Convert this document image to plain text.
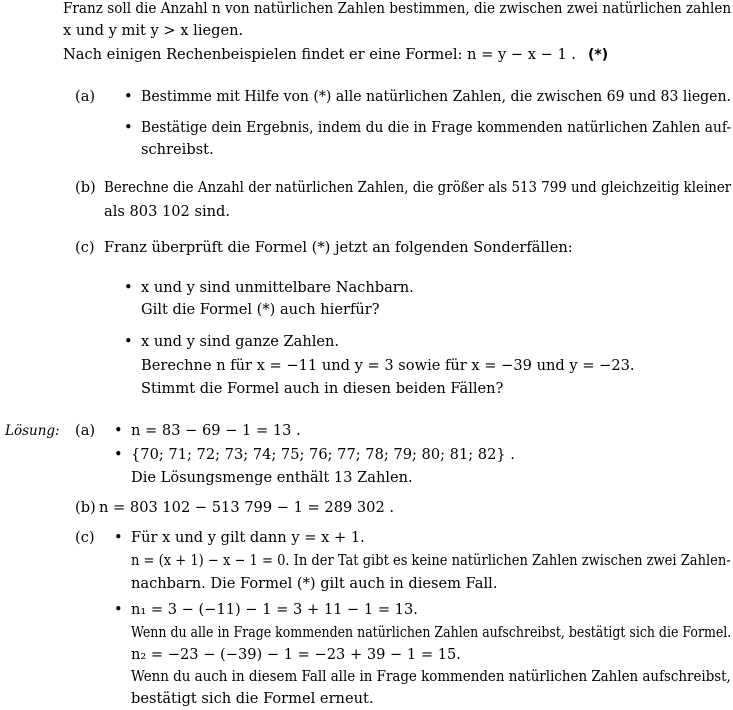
Franz soll die Anzahl n von natürlichen Zahlen bestimmen, die zwischen zwei natürlichen zahlen
x und y mit y > x liegen.
Nach einigen Rechenbeispielen findet er eine Formel: n = y − x − 1 . (*)
(a) • Bestimme mit Hilfe von (*) alle natürlichen Zahlen, die zwischen 69 und 83 liegen.
• Bestätige dein Ergebnis, indem du die in Frage kommenden natürlichen Zahlen auf-
schreibst.
(b) Berechne die Anzahl der natürlichen Zahlen, die größer als 513 799 und gleichzeitig kleiner
als 803 102 sind.
(c) Franz überprüft die Formel (*) jetzt an folgenden Sonderfällen:
• x und y sind unmittelbare Nachbarn.
Gilt die Formel (*) auch hierfür?
• x und y sind ganze Zahlen.
Berechne n für x = −11 und y = 3 sowie für x = −39 und y = −23.
Stimmt die Formel auch in diesen beiden Fällen?
Lösung: (a) • n = 83 − 69 − 1 = 13 .
• {70; 71; 72; 73; 74; 75; 76; 77; 78; 79; 80; 81; 82} .
Die Lösungsmenge enthält 13 Zahlen.
(b) n = 803 102 − 513 799 − 1 = 289 302 .
(c) • Für x und y gilt dann y = x + 1.
n = (x + 1) − x − 1 = 0. In der Tat gibt es keine natürlichen Zahlen zwischen zwei Zahlen-
nachbarn. Die Formel (*) gilt auch in diesem Fall.
• n₁ = 3 − (−11) − 1 = 3 + 11 − 1 = 13.
Wenn du alle in Frage kommenden natürlichen Zahlen aufschreibst, bestätigt sich die Formel.
n₂ = −23 − (−39) − 1 = −23 + 39 − 1 = 15.
Wenn du auch in diesem Fall alle in Frage kommenden natürlichen Zahlen aufschreibst,
bestätigt sich die Formel erneut.
